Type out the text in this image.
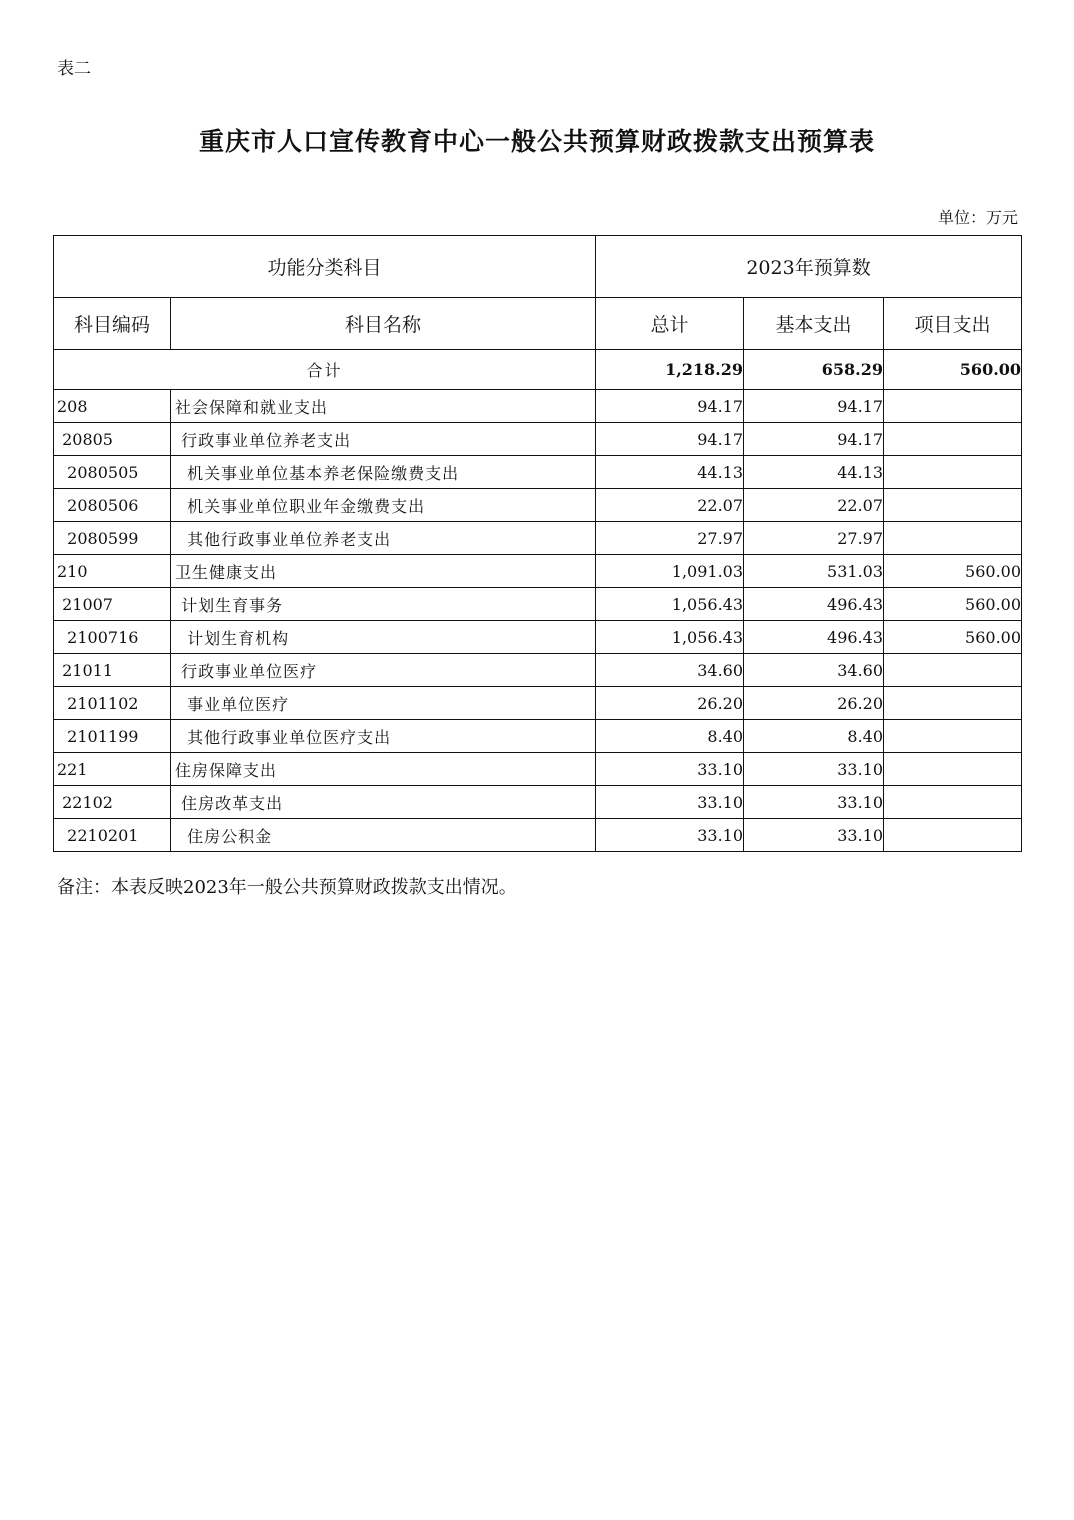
表二
重庆市人口宣传教育中心一般公共预算财政拨款支出预算表
单位：万元
功能分类科目		2023年预算数		
科目编码	科目名称	总计	基本支出	项目支出
合计		1,218.29	658.29	560.00
208	社会保障和就业支出	94.17	94.17	
20805	行政事业单位养老支出	94.17	94.17	
2080505	机关事业单位基本养老保险缴费支出	44.13	44.13	
2080506	机关事业单位职业年金缴费支出	22.07	22.07	
2080599	其他行政事业单位养老支出	27.97	27.97	
210	卫生健康支出	1,091.03	531.03	560.00
21007	计划生育事务	1,056.43	496.43	560.00
2100716	计划生育机构	1,056.43	496.43	560.00
21011	行政事业单位医疗	34.60	34.60	
2101102	事业单位医疗	26.20	26.20	
2101199	其他行政事业单位医疗支出	8.40	8.40	
221	住房保障支出	33.10	33.10	
22102	住房改革支出	33.10	33.10	
2210201	住房公积金	33.10	33.10	
备注：本表反映2023年一般公共预算财政拨款支出情况。
